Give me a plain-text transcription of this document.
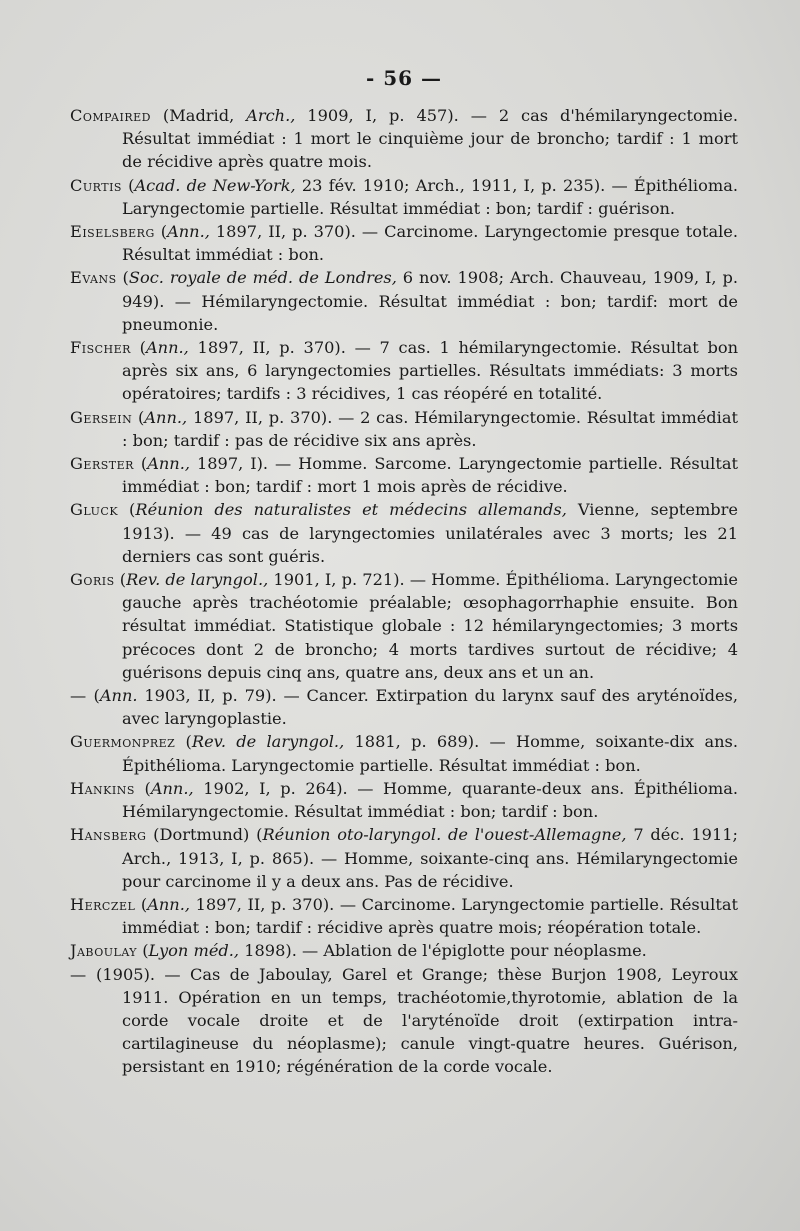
- 56 —
Compaired (Madrid, Arch., 1909, I, p. 457). — 2 cas d'hémilaryngectomie. Résultat immédiat : 1 mort le cinquième jour de broncho; tardif : 1 mort de récidive après quatre mois.
Curtis (Acad. de New-York, 23 fév. 1910; Arch., 1911, I, p. 235). — Épithélioma. Laryngectomie partielle. Résultat immédiat : bon; tardif : guérison.
Eiselsberg (Ann., 1897, II, p. 370). — Carcinome. Laryngectomie presque totale. Résultat immédiat : bon.
Evans (Soc. royale de méd. de Londres, 6 nov. 1908; Arch. Chauveau, 1909, I, p. 949). — Hémilaryngectomie. Résultat immédiat : bon; tardif: mort de pneumonie.
Fischer (Ann., 1897, II, p. 370). — 7 cas. 1 hémilaryngectomie. Résultat bon après six ans, 6 laryngectomies partielles. Résultats immédiats: 3 morts opératoires; tardifs : 3 récidives, 1 cas réopéré en totalité.
Gersein (Ann., 1897, II, p. 370). — 2 cas. Hémilaryngectomie. Résultat immédiat : bon; tardif : pas de récidive six ans après.
Gerster (Ann., 1897, I). — Homme. Sarcome. Laryngectomie partielle. Résultat immédiat : bon; tardif : mort 1 mois après de récidive.
Gluck (Réunion des naturalistes et médecins allemands, Vienne, septembre 1913). — 49 cas de laryngectomies unilatérales avec 3 morts; les 21 derniers cas sont guéris.
Goris (Rev. de laryngol., 1901, I, p. 721). — Homme. Épithélioma. Laryngectomie gauche après trachéotomie préalable; œsophagorrhaphie ensuite. Bon résultat immédiat. Statistique globale : 12 hémilaryngectomies; 3 morts précoces dont 2 de broncho; 4 morts tardives surtout de récidive; 4 guérisons depuis cinq ans, quatre ans, deux ans et un an.
— (Ann. 1903, II, p. 79). — Cancer. Extirpation du larynx sauf des aryténoïdes, avec laryngoplastie.
Guermonprez (Rev. de laryngol., 1881, p. 689). — Homme, soixante-dix ans. Épithélioma. Laryngectomie partielle. Résultat immédiat : bon.
Hankins (Ann., 1902, I, p. 264). — Homme, quarante-deux ans. Épithélioma. Hémilaryngectomie. Résultat immédiat : bon; tardif : bon.
Hansberg (Dortmund) (Réunion oto-laryngol. de l'ouest-Allemagne, 7 déc. 1911; Arch., 1913, I, p. 865). — Homme, soixante-cinq ans. Hémilaryngectomie pour carcinome il y a deux ans. Pas de récidive.
Herczel (Ann., 1897, II, p. 370). — Carcinome. Laryngectomie partielle. Résultat immédiat : bon; tardif : récidive après quatre mois; réopération totale.
Jaboulay (Lyon méd., 1898). — Ablation de l'épiglotte pour néoplasme.
— (1905). — Cas de Jaboulay, Garel et Grange; thèse Burjon 1908, Leyroux 1911. Opération en un temps, trachéotomie,thyrotomie, ablation de la corde vocale droite et de l'aryténoïde droit (extirpation intra-cartilagineuse du néoplasme); canule vingt-quatre heures. Guérison, persistant en 1910; régénération de la corde vocale.
